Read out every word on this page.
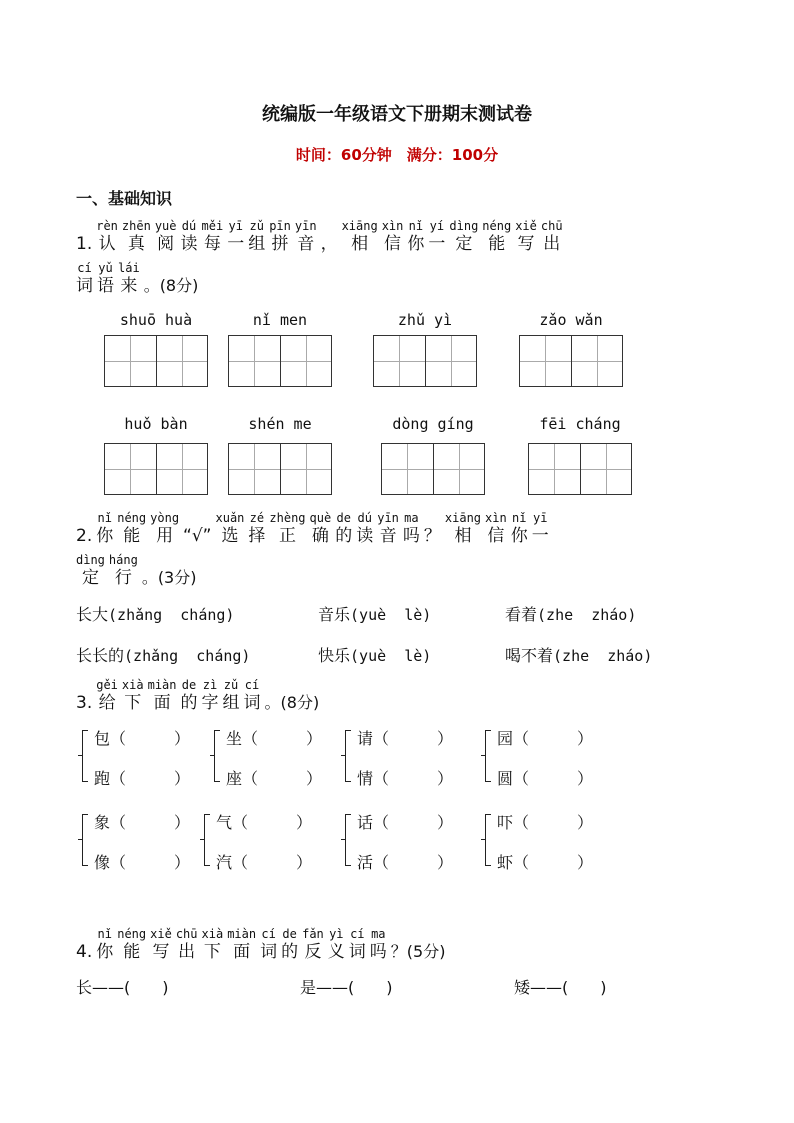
统编版一年级语文下册期末测试卷
时间：60分钟　满分：100分
一、基础知识
1.
rèn
认
zhēn
真
yuè
阅
dú
读
měi
每
yī
一
zǔ
组
pīn
拼
yīn
音 ，
xiāng
相
xìn
信
nǐ
你
yí
一
dìng
定
néng
能
xiě
写
chū
出
cí
词
yǔ
语
lái
来 。(8分)
shuō huà	nǐ men	zhǔ yì	zǎo wǎn
huǒ bàn	shén me	dòng gíng	fēi cháng
2.
nǐ
你
néng
能
yòng
用 “√”
xuǎn
选
zé
择
zhèng
正
què
确
de
的
dú
读
yīn
音
ma
吗 ？
xiāng
相
xìn
信
nǐ
你
yī
一
dìng
定
háng
行 。(3分)
长大(zhǎng  cháng)	音乐(yuè  lè)	看着(zhe  zháo)
长长的(zhǎng  cháng)	快乐(yuè  lè)	喝不着(zhe  zháo)
3.
gěi
给
xià
下
miàn
面
de
的
zì
字
zǔ
组
cí
词 。(8分)
包（　　　）
跑（　　　）
坐（　　　）
座（　　　）
请（　　　）
情（　　　）
园（　　　）
圆（　　　）
象（　　　）
像（　　　）
气（　　　）
汽（　　　）
话（　　　）
活（　　　）
吓（　　　）
虾（　　　）
4.
nǐ
你
néng
能
xiě
写
chū
出
xià
下
miàn
面
cí
词
de
的
fǎn
反
yì
义
cí
词
ma
吗 ？(5分)
长——(　　)	是——(　　)	矮——(　　)
